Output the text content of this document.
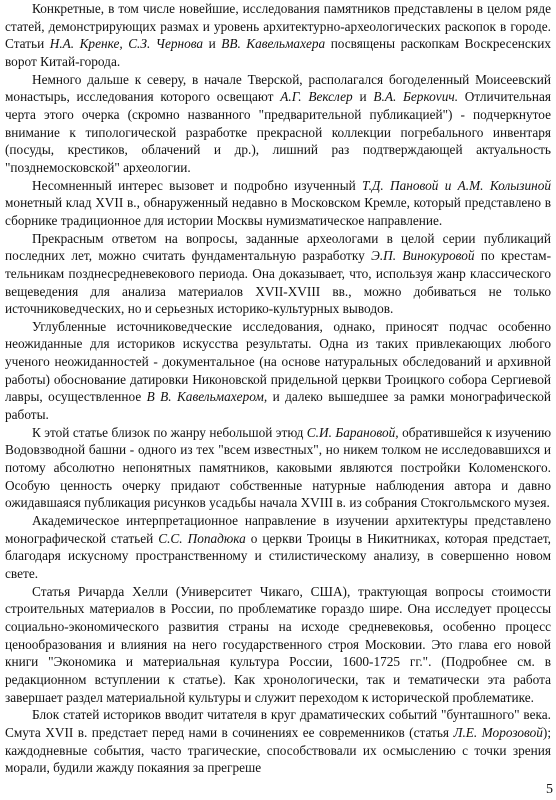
Конкретные, в том числе новейшие, исследования памятников представлены в целом ряде статей, демонстрирующих размах и уровень архитектурно-археологических раскопок в городе. Статьи Н.А. Кренке, С.З. Чернова и ВВ. Кавельмахера посвящены раскопкам Воскресенских ворот Китай-города.

Немного дальше к северу, в начале Тверской, располагался богоделенный Моисеевский монастырь, исследования которого освещают А.Г. Векслер и В.А. Беркоvич. Отличительная черта этого очерка (скромно названного "предварительной публикацией") - подчеркнутое внимание к типологической разработке прекрасной коллекции погребального инвентаря (посуды, крестиков, облачений и др.), лишний раз подтверждающей актуальность "позднемосковской" археологии.

Несомненный интерес вызовет и подробно изученный Т.Д. Пановой и А.М. Колызиной монетный клад XVII в., обнаруженный недавно в Московском Кремле, который представлено в сборнике традиционное для истории Москвы нумизматическое направление.

Прекрасным ответом на вопросы, заданные археологами в целой серии публикаций последних лет, можно считать фундаментальную разработку Э.П. Винокуровой по крестам-тельникам позднесредневекового периода. Она доказывает, что, используя жанр классического вещеведения для анализа материалов XVII-XVIII вв., можно добиваться не только источниковедческих, но и серьезных историко-культурных выводов.

Углубленные источниковедческие исследования, однако, приносят подчас особенно неожиданные для историков искусства результаты. Одна из таких привлекающих любого ученого неожиданностей - документальное (на основе натуральных обследований и архивной работы) обоснование датировки Никоновской придельной церкви Троицкого собора Сергиевой лавры, осуществленное В В. Кавельмахером, и далеко вышедшее за рамки монографической работы.

К этой статье близок по жанру небольшой этюд С.И. Барановой, обратившейся к изучению Водовзводной башни - одного из тех "всем известных", но никем толком не исследовавшихся и потому абсолютно непонятных памятников, каковыми являются постройки Коломенского. Особую ценность очерку придают собственные натурные наблюдения автора и давно ожидавшаяся публикация рисунков усадьбы начала XVIII в. из собрания Стокгольмского музея.

Академическое интерпретационное направление в изучении архитектуры представлено монографической статьей С.С. Попадюка о церкви Троицы в Никитниках, которая предстает, благодаря искусному пространственному и стилистическому анализу, в совершенно новом свете.

Статья Ричарда Хелли (Университет Чикаго, США), трактующая вопросы стоимости строительных материалов в России, по проблематике гораздо шире. Она исследует процессы социально-экономического развития страны на исходе средневековья, особенно процесс ценообразования и влияния на него государственного строя Московии. Это глава его новой книги "Экономика и материальная культура России, 1600-1725 гг.". (Подробнее см. в редакционном вступлении к статье). Как хронологически, так и тематически эта работа завершает раздел материальной культуры и служит переходом к исторической проблематике.

Блок статей историков вводит читателя в круг драматических событий "бунташного" века. Смута XVII в. предстает перед нами в сочинениях ее современников (статья Л.Е. Морозовой); каждодневные события, часто трагические, способствовали их осмыслению с точки зрения морали, будили жажду покаяния за прегреше

5
